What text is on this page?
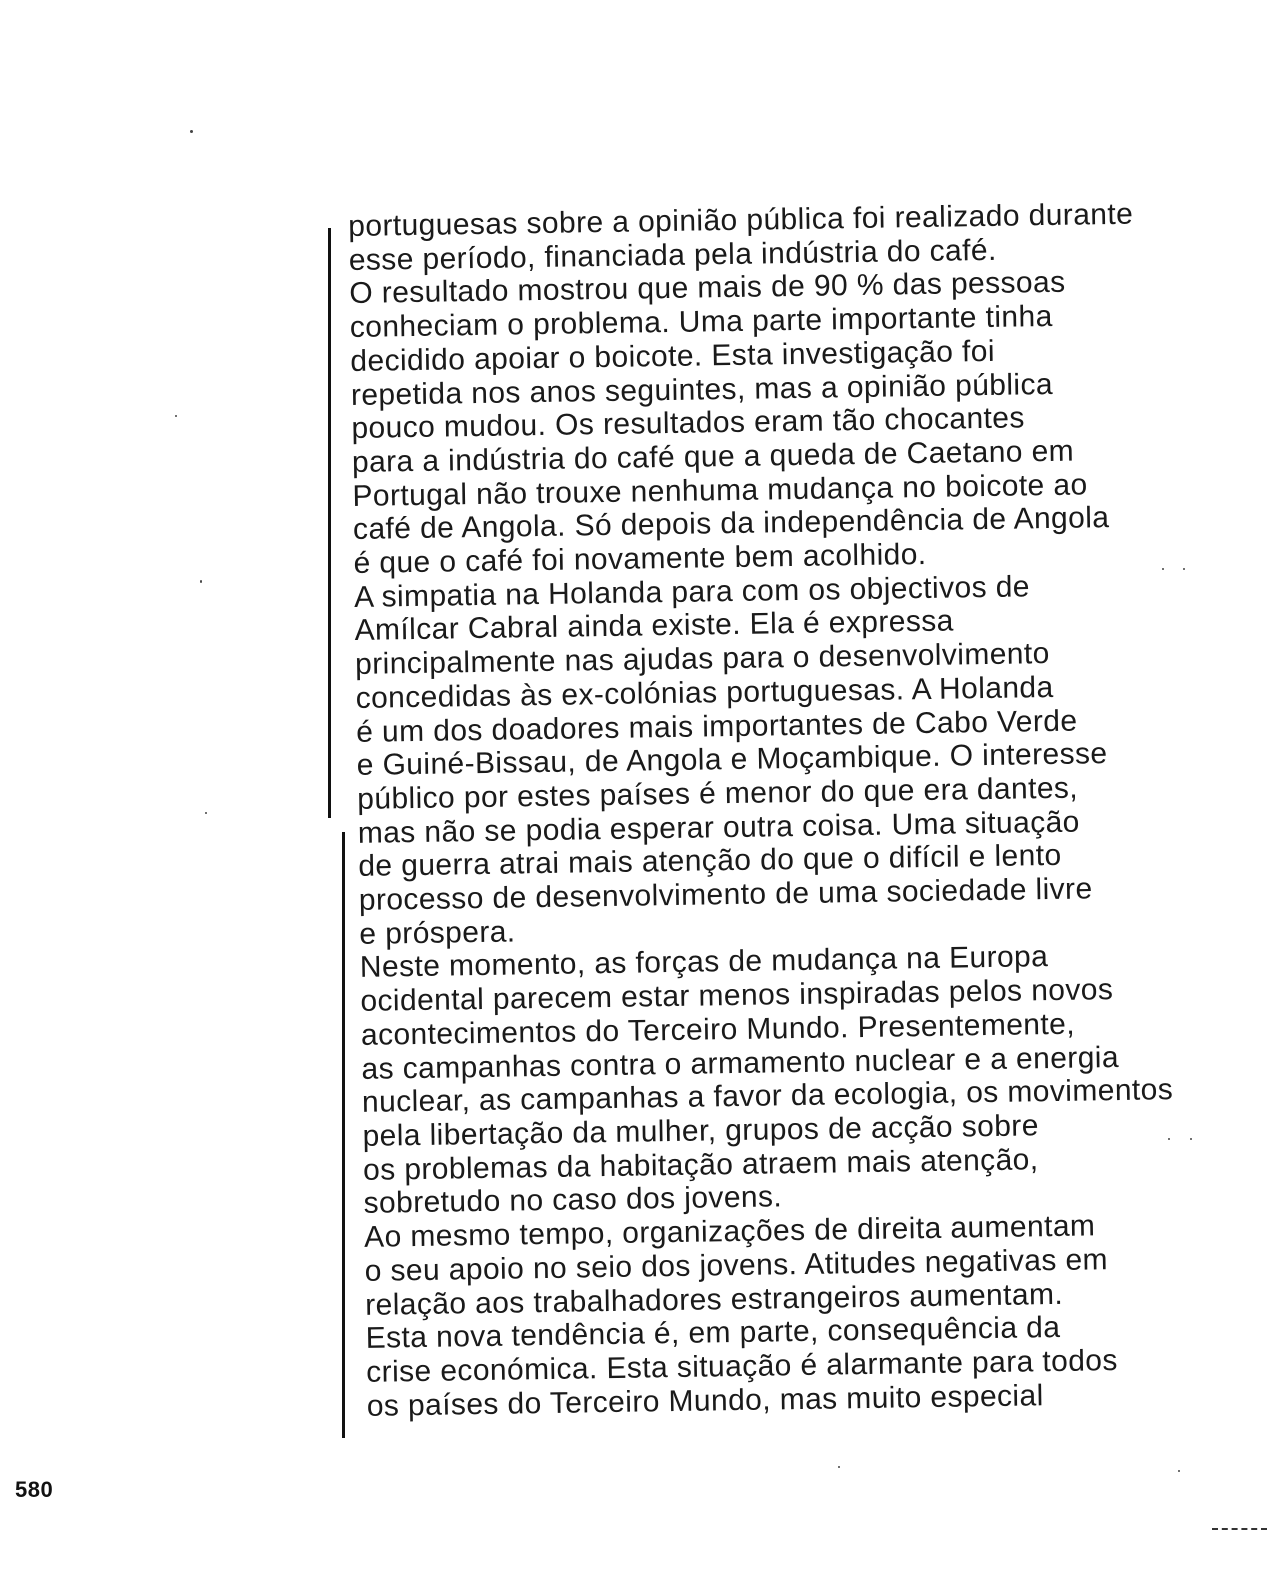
portuguesas sobre a opinião pública foi realizado durante
esse período, financiada pela indústria do café.
O resultado mostrou que mais de 90 % das pessoas
conheciam o problema. Uma parte importante tinha
decidido apoiar o boicote. Esta investigação foi
repetida nos anos seguintes, mas a opinião pública
pouco mudou. Os resultados eram tão chocantes
para a indústria do café que a queda de Caetano em
Portugal não trouxe nenhuma mudança no boicote ao
café de Angola. Só depois da independência de Angola
é que o café foi novamente bem acolhido.
A simpatia na Holanda para com os objectivos de
Amílcar Cabral ainda existe. Ela é expressa
principalmente nas ajudas para o desenvolvimento
concedidas às ex-colónias portuguesas. A Holanda
é um dos doadores mais importantes de Cabo Verde
e Guiné-Bissau, de Angola e Moçambique. O interesse
público por estes países é menor do que era dantes,
mas não se podia esperar outra coisa. Uma situação
de guerra atrai mais atenção do que o difícil e lento
processo de desenvolvimento de uma sociedade livre
e próspera.
Neste momento, as forças de mudança na Europa
ocidental parecem estar menos inspiradas pelos novos
acontecimentos do Terceiro Mundo. Presentemente,
as campanhas contra o armamento nuclear e a energia
nuclear, as campanhas a favor da ecologia, os movimentos
pela libertação da mulher, grupos de acção sobre
os problemas da habitação atraem mais atenção,
sobretudo no caso dos jovens.
Ao mesmo tempo, organizações de direita aumentam
o seu apoio no seio dos jovens. Atitudes negativas em
relação aos trabalhadores estrangeiros aumentam.
Esta nova tendência é, em parte, consequência da
crise económica. Esta situação é alarmante para todos
os países do Terceiro Mundo, mas muito especial
580
